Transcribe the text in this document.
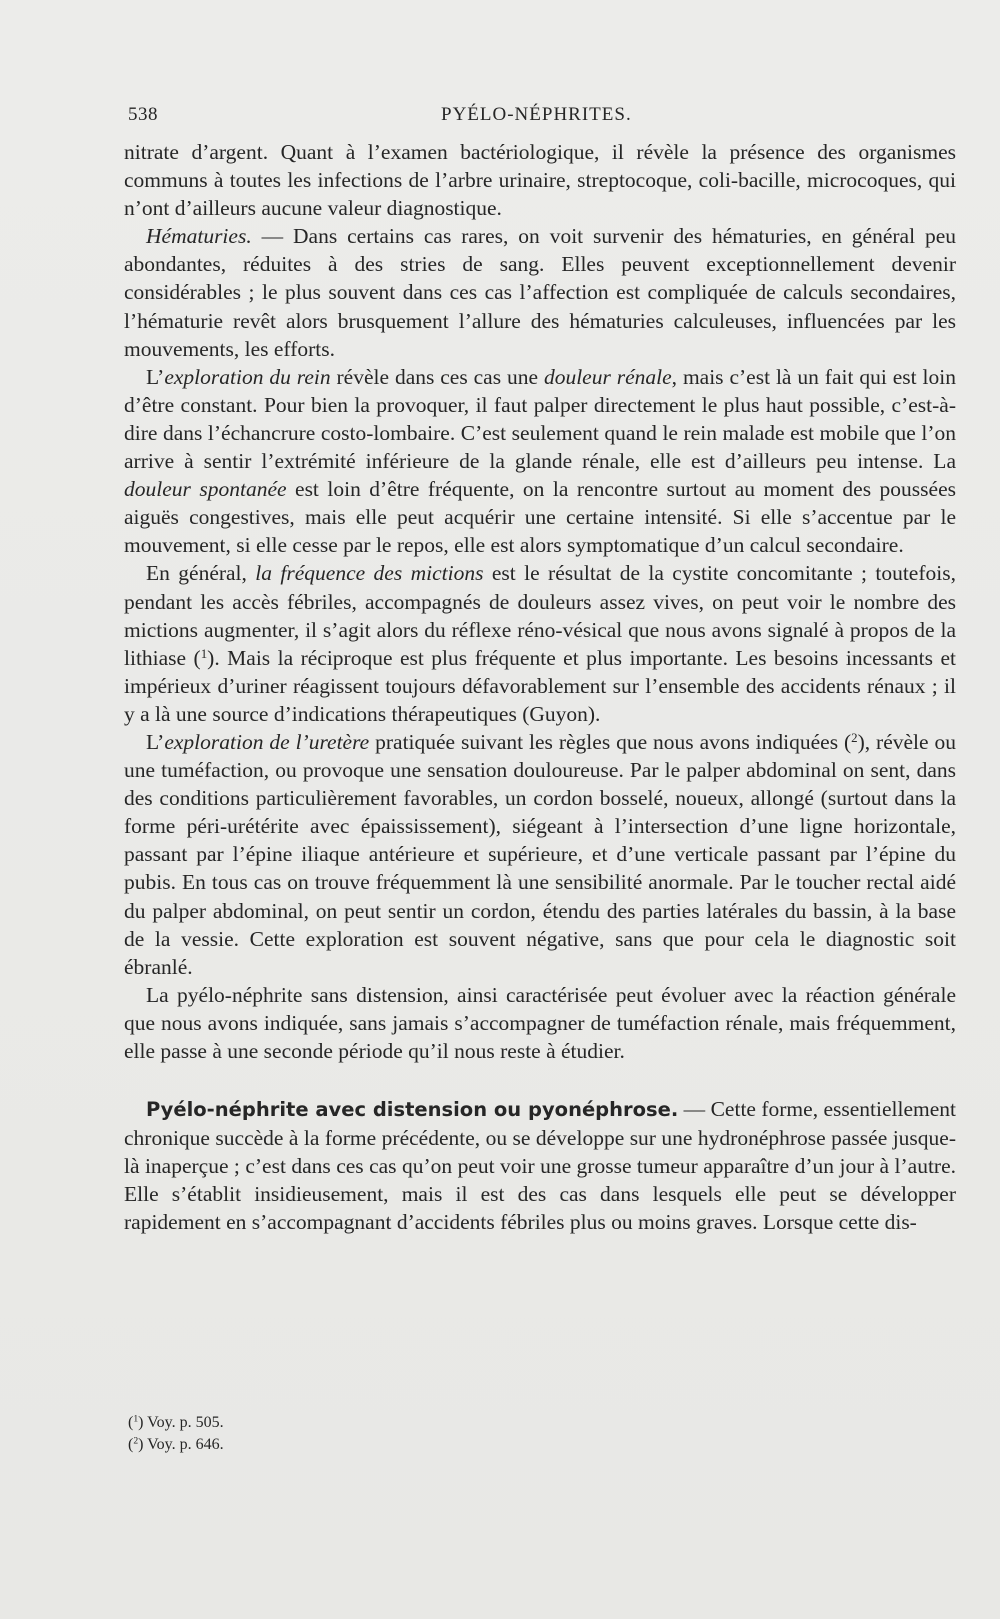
538	PYÉLO-NÉPHRITES.

nitrate d’argent. Quant à l’examen bactériologique, il révèle la présence des organismes communs à toutes les infections de l’arbre urinaire, streptocoque, coli-bacille, microcoques, qui n’ont d’ailleurs aucune valeur diagnostique.

Hématuries. — Dans certains cas rares, on voit survenir des hématuries, en général peu abondantes, réduites à des stries de sang. Elles peuvent exceptionnellement devenir considérables ; le plus souvent dans ces cas l’affection est compliquée de calculs secondaires, l’hématurie revêt alors brusquement l’allure des hématuries calculeuses, influencées par les mouvements, les efforts.

L’exploration du rein révèle dans ces cas une douleur rénale, mais c’est là un fait qui est loin d’être constant. Pour bien la provoquer, il faut palper directement le plus haut possible, c’est-à-dire dans l’échancrure costo-lombaire. C’est seulement quand le rein malade est mobile que l’on arrive à sentir l’extrémité inférieure de la glande rénale, elle est d’ailleurs peu intense. La douleur spontanée est loin d’être fréquente, on la rencontre surtout au moment des poussées aiguës congestives, mais elle peut acquérir une certaine intensité. Si elle s’accentue par le mouvement, si elle cesse par le repos, elle est alors symptomatique d’un calcul secondaire.

En général, la fréquence des mictions est le résultat de la cystite concomitante ; toutefois, pendant les accès fébriles, accompagnés de douleurs assez vives, on peut voir le nombre des mictions augmenter, il s’agit alors du réflexe réno-vésical que nous avons signalé à propos de la lithiase ($^1$). Mais la réciproque est plus fréquente et plus importante. Les besoins incessants et impérieux d’uriner réagissent toujours défavorablement sur l’ensemble des accidents rénaux ; il y a là une source d’indications thérapeutiques (Guyon).

L’exploration de l’uretère pratiquée suivant les règles que nous avons indiquées ($^2$), révèle ou une tuméfaction, ou provoque une sensation douloureuse. Par le palper abdominal on sent, dans des conditions particulièrement favorables, un cordon bosselé, noueux, allongé (surtout dans la forme péri-urétérite avec épaississement), siégeant à l’intersection d’une ligne horizontale, passant par l’épine iliaque antérieure et supérieure, et d’une verticale passant par l’épine du pubis. En tous cas on trouve fréquemment là une sensibilité anormale. Par le toucher rectal aidé du palper abdominal, on peut sentir un cordon, étendu des parties latérales du bassin, à la base de la vessie. Cette exploration est souvent négative, sans que pour cela le diagnostic soit ébranlé.

La pyélo-néphrite sans distension, ainsi caractérisée peut évoluer avec la réaction générale que nous avons indiquée, sans jamais s’accompagner de tuméfaction rénale, mais fréquemment, elle passe à une seconde période qu’il nous reste à étudier.

Pyélo-néphrite avec distension ou pyonéphrose. — Cette forme, essentiellement chronique succède à la forme précédente, ou se développe sur une hydronéphrose passée jusque-là inaperçue ; c’est dans ces cas qu’on peut voir une grosse tumeur apparaître d’un jour à l’autre. Elle s’établit insidieusement, mais il est des cas dans lesquels elle peut se développer rapidement en s’accompagnant d’accidents fébriles plus ou moins graves. Lorsque cette dis-

($^1$) Voy. p. 505.
($^2$) Voy. p. 646.
